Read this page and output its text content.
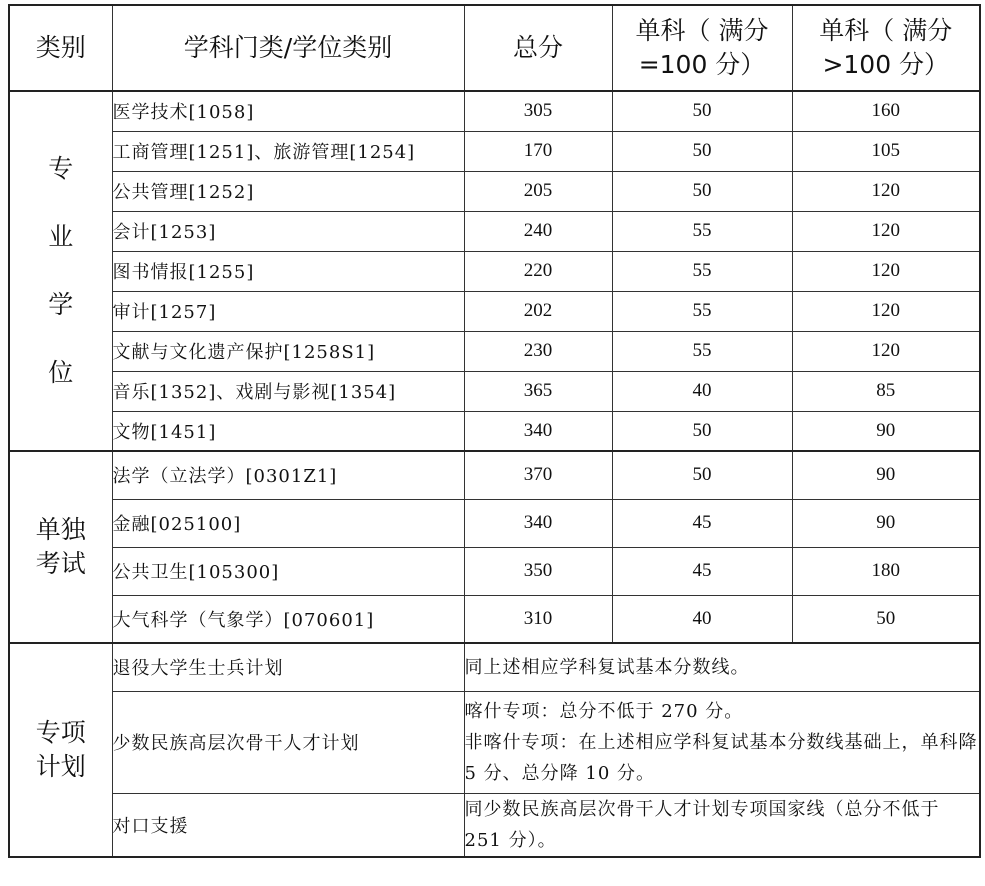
类别	学科门类/学位类别	总分	单科（ 满分=100 分）	单科（ 满分>100 分）

专
业
学
位	医学技术[1058]	305	50	160
	工商管理[1251]、旅游管理[1254]	170	50	105
	公共管理[1252]	205	50	120
	会计[1253]	240	55	120
	图书情报[1255]	220	55	120
	审计[1257]	202	55	120
	文献与文化遗产保护[1258S1]	230	55	120
	音乐[1352]、戏剧与影视[1354]	365	40	85
	文物[1451]	340	50	90

单独
考试	法学（立法学）[0301Z1]	370	50	90
	金融[025100]	340	45	90
	公共卫生[105300]	350	45	180
	大气科学（气象学）[070601]	310	40	50

专项
计划	退役大学生士兵计划	同上述相应学科复试基本分数线。		

	少数民族高层次骨干人才计划	喀什专项：总分不低于 270 分。
非喀什专项：在上述相应学科复试基本分数线基础上，单科降 5 分、总分降 10 分。		

	对口支援	同少数民族高层次骨干人才计划专项国家线（总分不低于 251 分）。		
